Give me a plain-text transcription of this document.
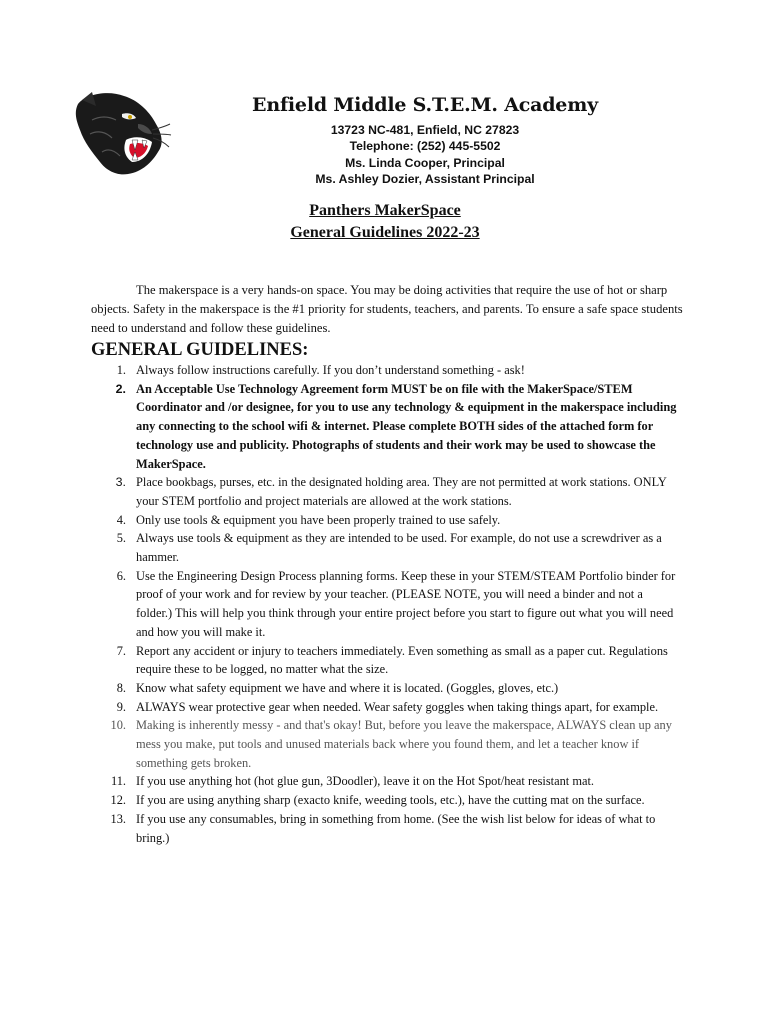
Enfield Middle S.T.E.M. Academy

13723 NC-481, Enfield, NC 27823

Telephone: (252) 445-5502

Ms. Linda Cooper, Principal

Ms. Ashley Dozier, Assistant Principal

Panthers MakerSpace

General Guidelines 2022-23

The makerspace is a very hands-on space. You may be doing activities that require the use of hot or sharp objects. Safety in the makerspace is the #1 priority for students, teachers, and parents. To ensure a safe space students need to understand and follow these guidelines.

GENERAL GUIDELINES:
1. Always follow instructions carefully. If you don’t understand something - ask!
2. An Acceptable Use Technology Agreement form MUST be on file with the MakerSpace/STEM Coordinator and /or designee, for you to use any technology & equipment in the makerspace including any connecting to the school wifi & internet. Please complete BOTH sides of the attached form for technology use and publicity. Photographs of students and their work may be used to showcase the MakerSpace.
3. Place bookbags, purses, etc. in the designated holding area. They are not permitted at work stations. ONLY your STEM portfolio and project materials are allowed at the work stations.
4. Only use tools & equipment you have been properly trained to use safely.
5. Always use tools & equipment as they are intended to be used. For example, do not use a screwdriver as a hammer.
6. Use the Engineering Design Process planning forms. Keep these in your STEM/STEAM Portfolio binder for proof of your work and for review by your teacher. (PLEASE NOTE, you will need a binder and not a folder.) This will help you think through your entire project before you start to figure out what you will need and how you will make it.
7. Report any accident or injury to teachers immediately. Even something as small as a paper cut. Regulations require these to be logged, no matter what the size.
8. Know what safety equipment we have and where it is located. (Goggles, gloves, etc.)
9. ALWAYS wear protective gear when needed. Wear safety goggles when taking things apart, for example.
10. Making is inherently messy - and that's okay! But, before you leave the makerspace, ALWAYS clean up any mess you make, put tools and unused materials back where you found them, and let a teacher know if something gets broken.
11. If you use anything hot (hot glue gun, 3Doodler), leave it on the Hot Spot/heat resistant mat.
12. If you are using anything sharp (exacto knife, weeding tools, etc.), have the cutting mat on the surface.
13. If you use any consumables, bring in something from home. (See the wish list below for ideas of what to bring.)
